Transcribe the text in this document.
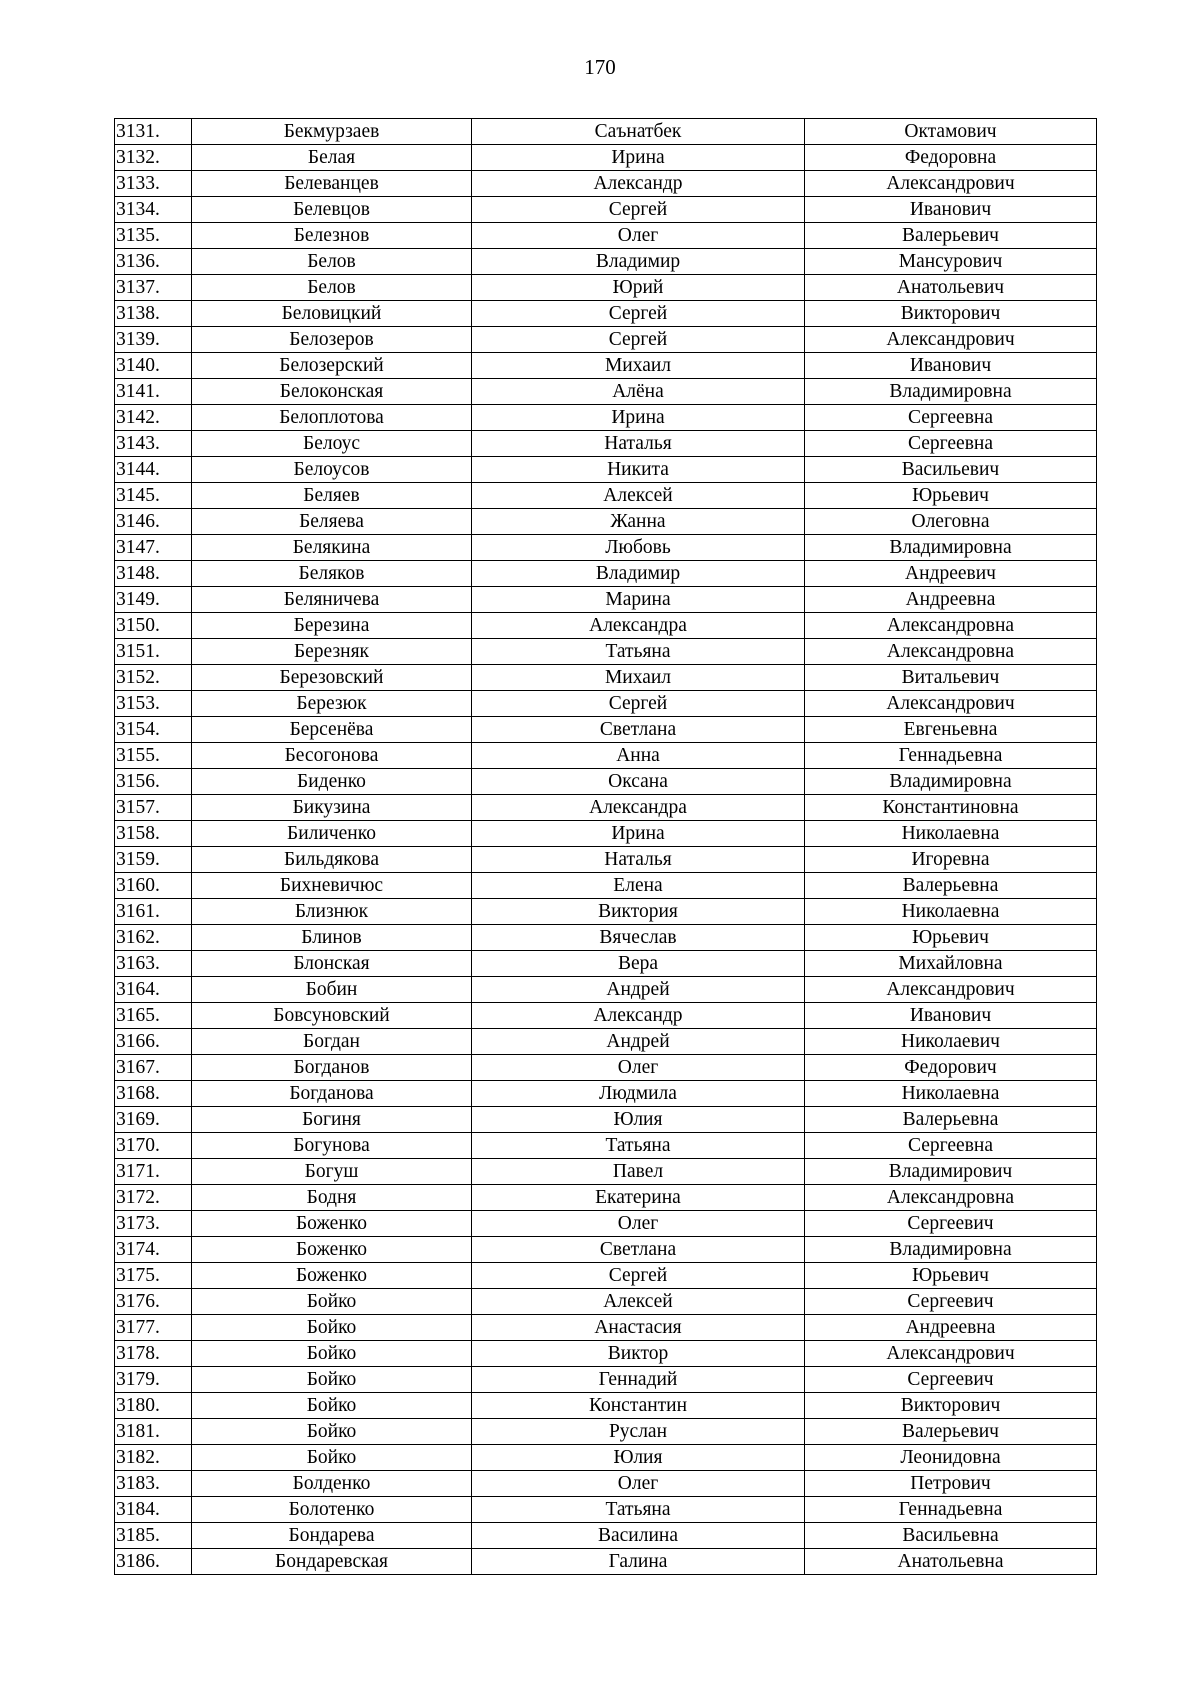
170
3131.	Бекмурзаев	Саънатбек	Октамович
3132.	Белая	Ирина	Федоровна
3133.	Белеванцев	Александр	Александрович
3134.	Белевцов	Сергей	Иванович
3135.	Белезнов	Олег	Валерьевич
3136.	Белов	Владимир	Мансурович
3137.	Белов	Юрий	Анатольевич
3138.	Беловицкий	Сергей	Викторович
3139.	Белозеров	Сергей	Александрович
3140.	Белозерский	Михаил	Иванович
3141.	Белоконская	Алёна	Владимировна
3142.	Белоплотова	Ирина	Сергеевна
3143.	Белоус	Наталья	Сергеевна
3144.	Белоусов	Никита	Васильевич
3145.	Беляев	Алексей	Юрьевич
3146.	Беляева	Жанна	Олеговна
3147.	Белякина	Любовь	Владимировна
3148.	Беляков	Владимир	Андреевич
3149.	Беляничева	Марина	Андреевна
3150.	Березина	Александра	Александровна
3151.	Березняк	Татьяна	Александровна
3152.	Березовский	Михаил	Витальевич
3153.	Березюк	Сергей	Александрович
3154.	Берсенёва	Светлана	Евгеньевна
3155.	Бесогонова	Анна	Геннадьевна
3156.	Биденко	Оксана	Владимировна
3157.	Бикузина	Александра	Константиновна
3158.	Биличенко	Ирина	Николаевна
3159.	Бильдякова	Наталья	Игоревна
3160.	Бихневичюс	Елена	Валерьевна
3161.	Близнюк	Виктория	Николаевна
3162.	Блинов	Вячеслав	Юрьевич
3163.	Блонская	Вера	Михайловна
3164.	Бобин	Андрей	Александрович
3165.	Бовсуновский	Александр	Иванович
3166.	Богдан	Андрей	Николаевич
3167.	Богданов	Олег	Федорович
3168.	Богданова	Людмила	Николаевна
3169.	Богиня	Юлия	Валерьевна
3170.	Богунова	Татьяна	Сергеевна
3171.	Богуш	Павел	Владимирович
3172.	Бодня	Екатерина	Александровна
3173.	Боженко	Олег	Сергеевич
3174.	Боженко	Светлана	Владимировна
3175.	Боженко	Сергей	Юрьевич
3176.	Бойко	Алексей	Сергеевич
3177.	Бойко	Анастасия	Андреевна
3178.	Бойко	Виктор	Александрович
3179.	Бойко	Геннадий	Сергеевич
3180.	Бойко	Константин	Викторович
3181.	Бойко	Руслан	Валерьевич
3182.	Бойко	Юлия	Леонидовна
3183.	Болденко	Олег	Петрович
3184.	Болотенко	Татьяна	Геннадьевна
3185.	Бондарева	Василина	Васильевна
3186.	Бондаревская	Галина	Анатольевна
